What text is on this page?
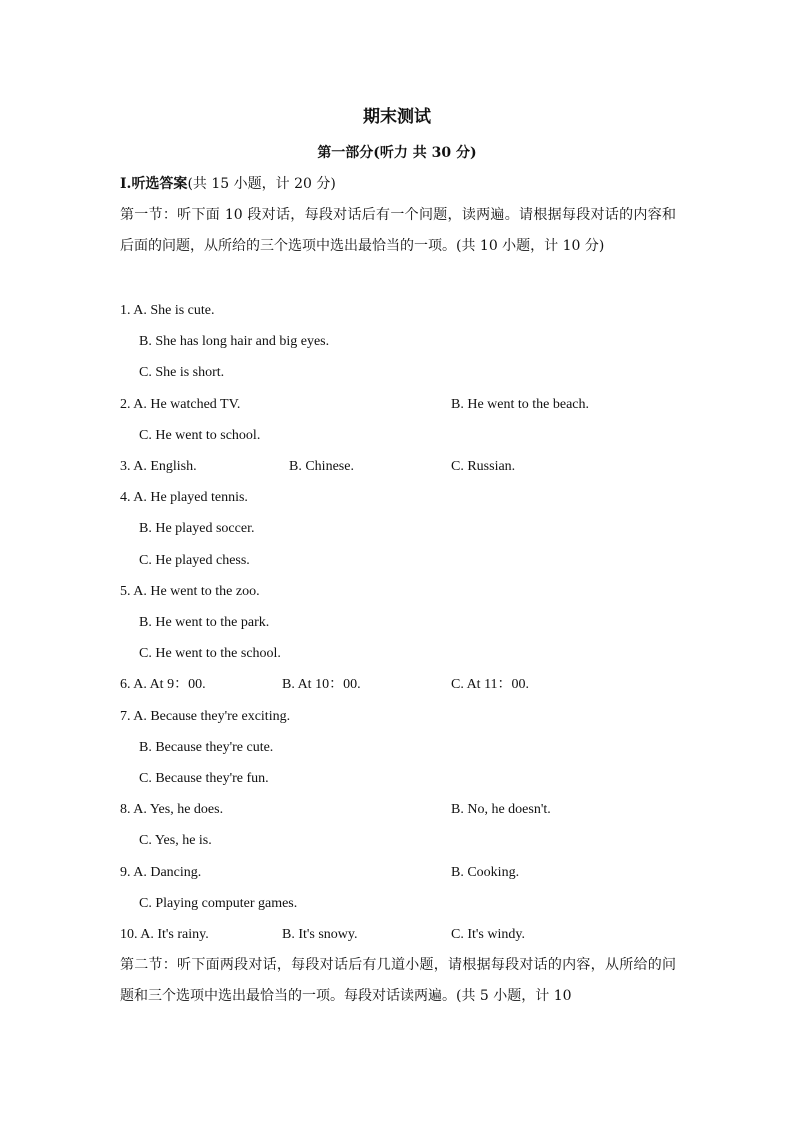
期末测试
第一部分(听力 共 30 分)
Ⅰ.听选答案(共 15 小题，计 20 分)
第一节：听下面 10 段对话，每段对话后有一个问题，读两遍。请根据每段对话的内容和后面的问题，从所给的三个选项中选出最恰当的一项。(共 10 小题，计 10 分)
1. A. She is cute.
B. She has long hair and big eyes.
C. She is short.
2. A. He watched TV.	B. He went to the beach.
C. He went to school.
3. A. English.	B. Chinese.	C. Russian.
4. A. He played tennis.
B. He played soccer.
C. He played chess.
5. A. He went to the zoo.
B. He went to the park.
C. He went to the school.
6. A. At 9：00.	B. At 10：00.	C. At 11：00.
7. A. Because they're exciting.
B. Because they're cute.
C. Because they're fun.
8. A. Yes, he does.	B. No, he doesn't.
C. Yes, he is.
9. A. Dancing.	B. Cooking.
C. Playing computer games.
10. A. It's rainy.	B. It's snowy.	C. It's windy.
第二节：听下面两段对话，每段对话后有几道小题，请根据每段对话的内容，从所给的问题和三个选项中选出最恰当的一项。每段对话读两遍。(共 5 小题，计 10
